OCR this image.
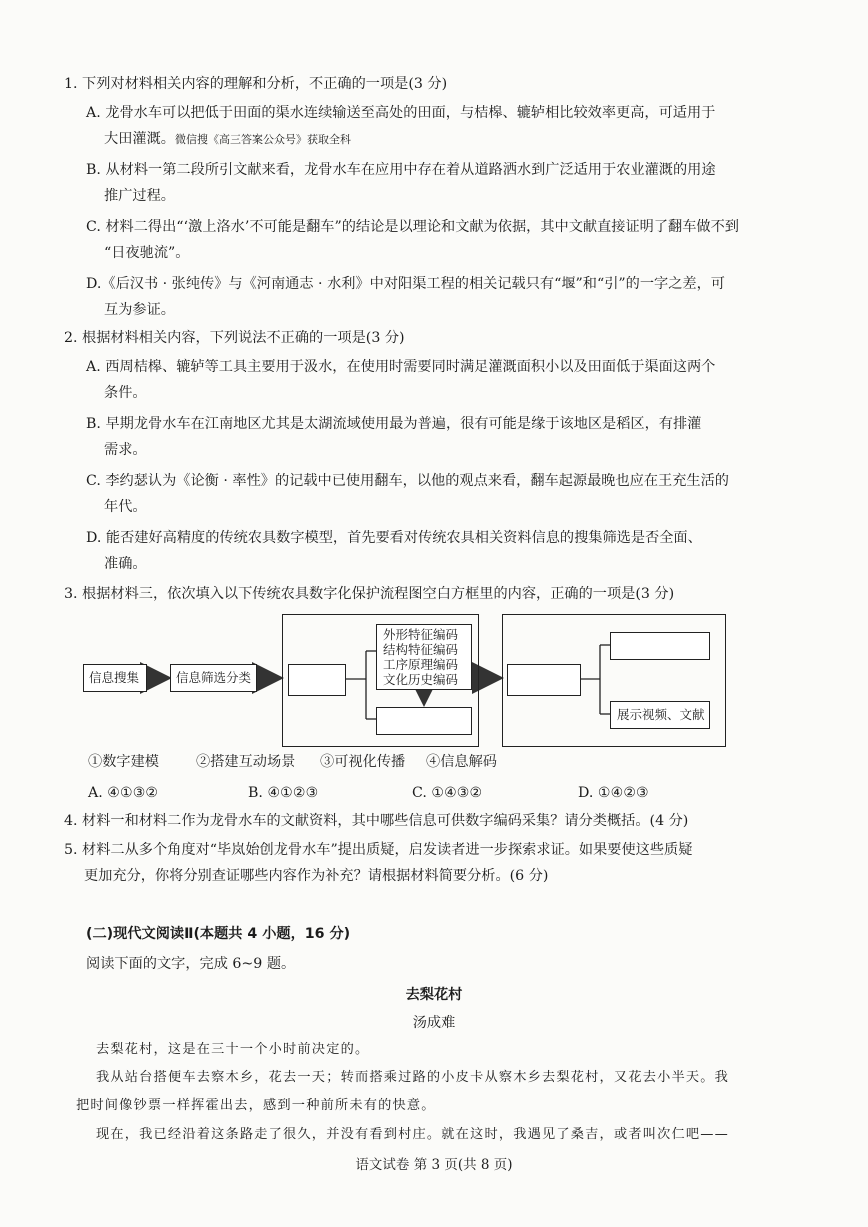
1. 下列对材料相关内容的理解和分析，不正确的一项是(3 分)
A. 龙骨水车可以把低于田面的渠水连续输送至高处的田面，与桔槔、辘轳相比较效率更高，可适用于
大田灌溉。微信搜《高三答案公众号》获取全科
B. 从材料一第二段所引文献来看，龙骨水车在应用中存在着从道路洒水到广泛适用于农业灌溉的用途
推广过程。
C. 材料二得出“‘激上洛水’不可能是翻车”的结论是以理论和文献为依据，其中文献直接证明了翻车做不到
“日夜驰流”。
D.《后汉书 · 张纯传》与《河南通志 · 水利》中对阳渠工程的相关记载只有“堰”和“引”的一字之差，可
互为参证。
2. 根据材料相关内容，下列说法不正确的一项是(3 分)
A. 西周桔槔、辘轳等工具主要用于汲水，在使用时需要同时满足灌溉面积小以及田面低于渠面这两个
条件。
B. 早期龙骨水车在江南地区尤其是太湖流域使用最为普遍，很有可能是缘于该地区是稻区，有排灌
需求。
C. 李约瑟认为《论衡 · 率性》的记载中已使用翻车，以他的观点来看，翻车起源最晚也应在王充生活的
年代。
D. 能否建好高精度的传统农具数字模型，首先要看对传统农具相关资料信息的搜集筛选是否全面、
准确。
3. 根据材料三，依次填入以下传统农具数字化保护流程图空白方框里的内容，正确的一项是(3 分)
信息搜集	信息筛选分类
外形特征编码
结构特征编码
工序原理编码
文化历史编码
展示视频、文献
①数字建模	②搭建互动场景 ③可视化传播 ④信息解码
A. ④①③②	B. ④①②③	C. ①④③②	D. ①④②③
4. 材料一和材料二作为龙骨水车的文献资料，其中哪些信息可供数字编码采集？请分类概括。(4 分)
5. 材料二从多个角度对“毕岚始创龙骨水车”提出质疑，启发读者进一步探索求证。如果要使这些质疑
更加充分，你将分别查证哪些内容作为补充？请根据材料简要分析。(6 分)
(二)现代文阅读Ⅱ(本题共 4 小题，16 分)
阅读下面的文字，完成 6~9 题。
去梨花村
汤成难
去梨花村，这是在三十一个小时前决定的。
我从站台搭便车去察木乡，花去一天；转而搭乘过路的小皮卡从察木乡去梨花村，又花去小半天。我
把时间像钞票一样挥霍出去，感到一种前所未有的快意。
现在，我已经沿着这条路走了很久，并没有看到村庄。就在这时，我遇见了桑吉，或者叫次仁吧——
语文试卷 第 3 页(共 8 页)
